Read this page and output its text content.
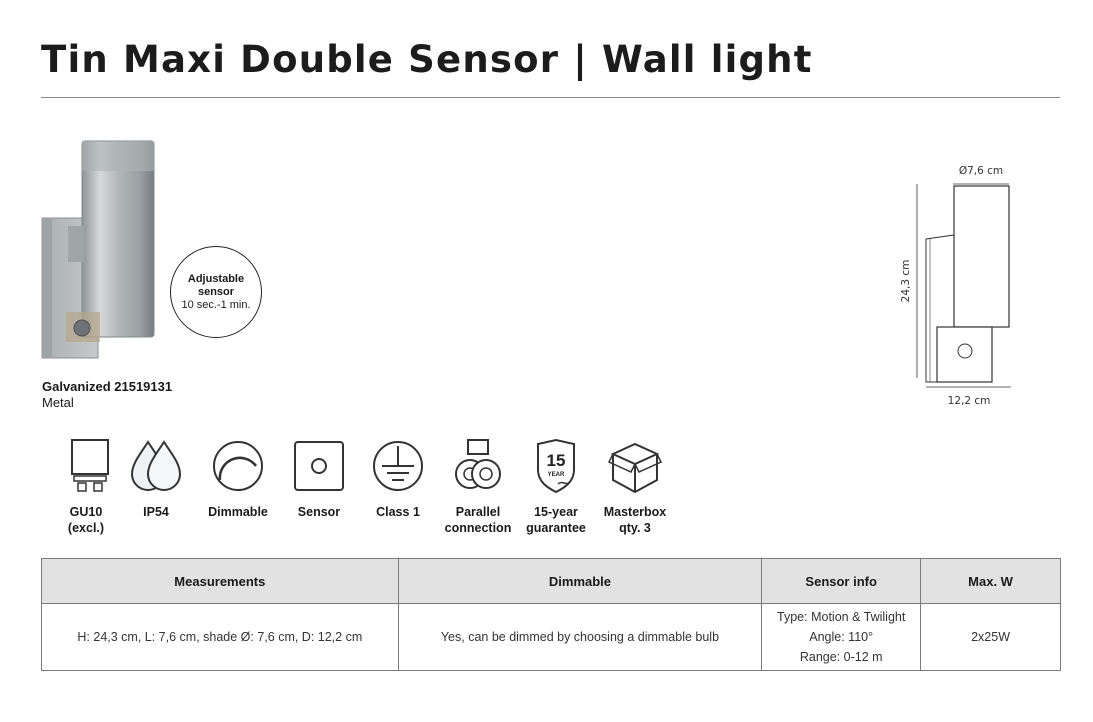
Tin Maxi Double Sensor | Wall light
Adjustable
sensor
10 sec.-1 min.
Galvanized 21519131
Metal
Ø7,6 cm
24,3 cm
12,2 cm
GU10
(excl.)
IP54	Dimmable	Sensor	Class 1	Parallel
connection
15
YEAR
15-year
guarantee
Masterbox
qty. 3
Measurements	Dimmable	Sensor info	Max. W
H: 24,3 cm, L: 7,6 cm, shade Ø: 7,6 cm, D: 12,2 cm	Yes, can be dimmed by choosing a dimmable bulb	Type: Motion & Twilight
Angle: 110°
Range: 0-12 m	2x25W
